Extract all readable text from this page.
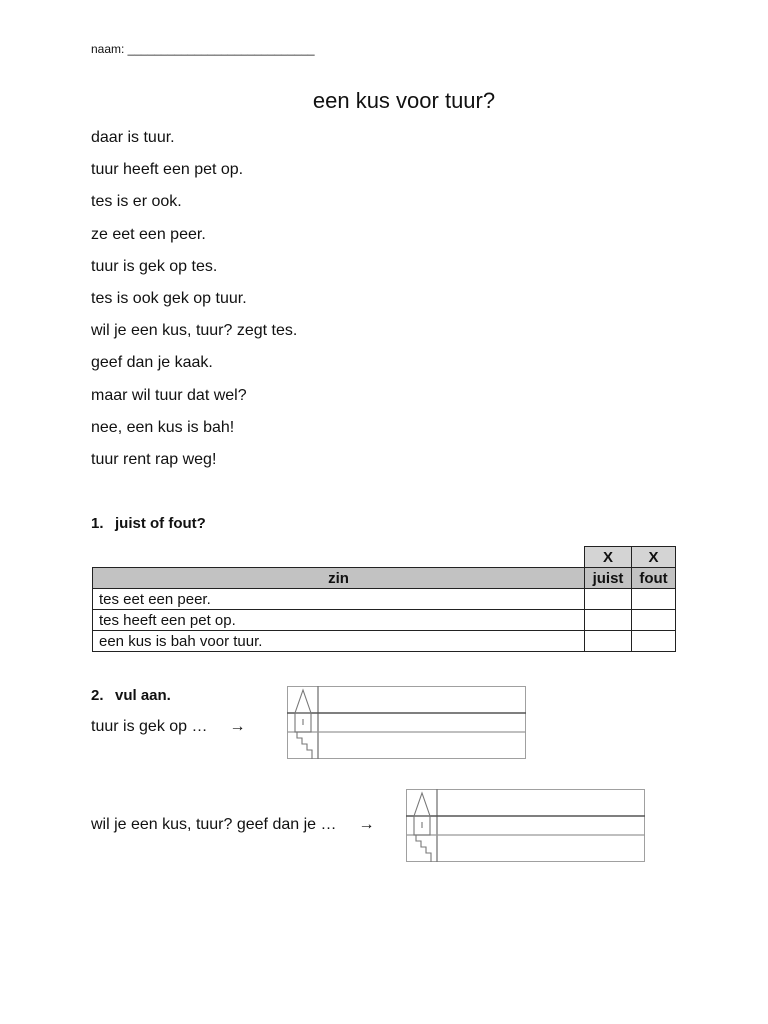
naam: ____________________________
een kus voor tuur?
daar is tuur.
tuur heeft een pet op.
tes is er ook.
ze eet een peer.
tuur is gek op tes.
tes is ook gek op tuur.
wil je een kus, tuur? zegt tes.
geef dan je kaak.
maar wil tuur dat wel?
nee, een kus is bah!
tuur rent rap weg!
1. juist of fout?
	X	X
zin	juist	fout
tes eet een peer.		
tes heeft een pet op.		
een kus is bah voor tuur.		
2. vul aan.
tuur is gek op … →
wil je een kus, tuur? geef dan je … →
